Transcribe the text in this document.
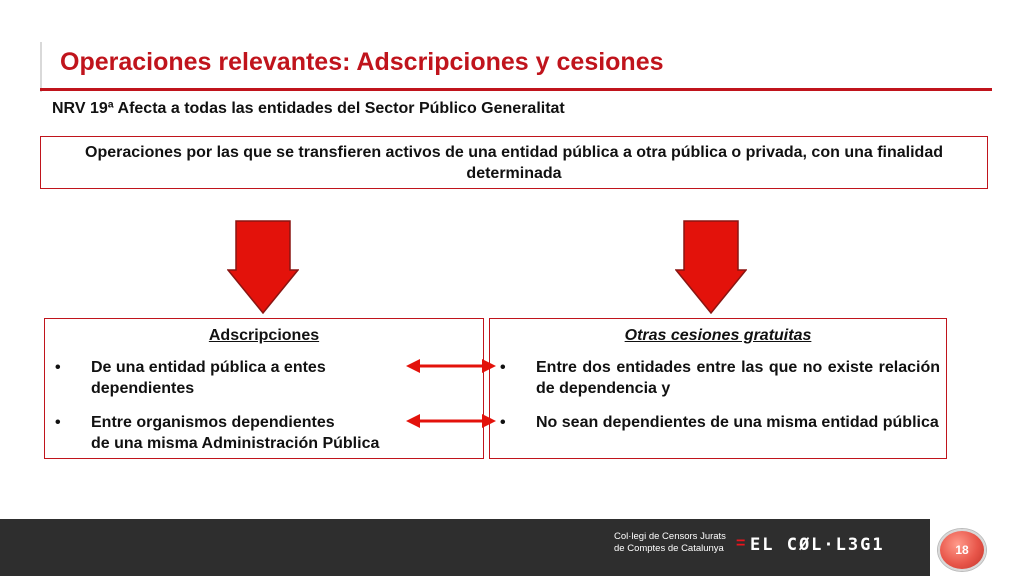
Operaciones relevantes: Adscripciones y cesiones
NRV 19ª Afecta a todas las entidades del Sector Público Generalitat
Operaciones por las que se transfieren activos de una entidad pública a otra pública o privada, con una finalidad determinada
Adscripciones
• De una entidad pública a entes dependientes
• Entre organismos dependientes
de una misma Administración Pública
Otras cesiones gratuitas
• Entre dos entidades entre las que no existe relación de dependencia y
• No sean dependientes de una misma entidad pública
Col·legi de Censors Jurats
de Comptes de Catalunya = EL CØL·L3G1	18
